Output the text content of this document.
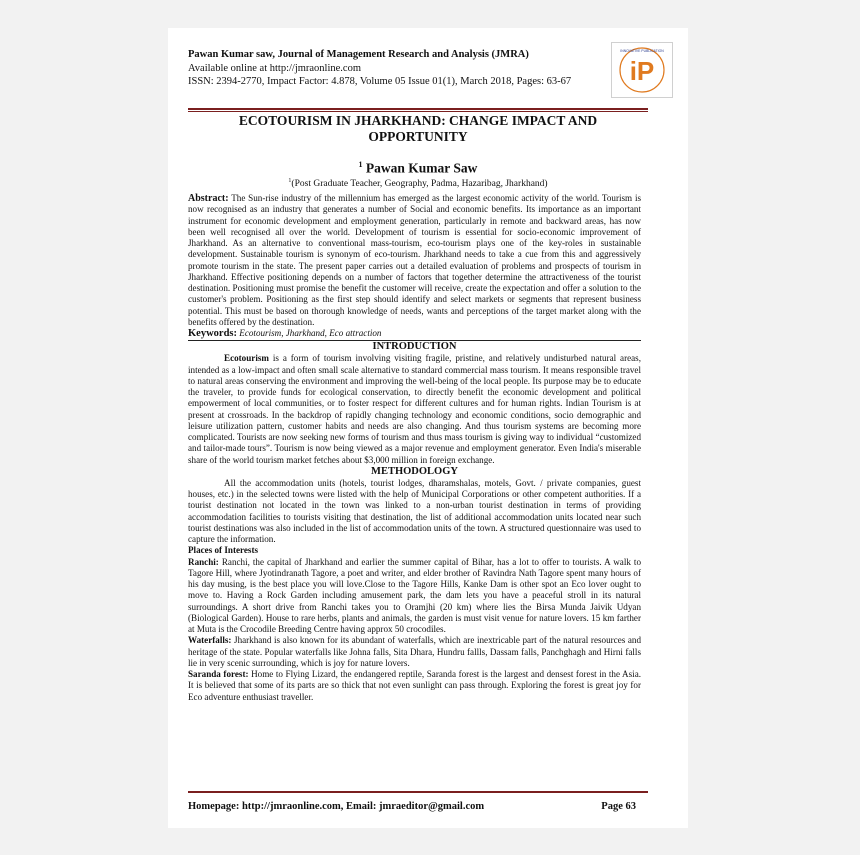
Pawan Kumar saw, Journal of Management Research and Analysis (JMRA)
Available online at http://jmraonline.com
ISSN: 2394-2770, Impact Factor: 4.878, Volume 05 Issue 01(1), March 2018, Pages: 63-67	iP
INNOVATIVE PUBLICATION
ECOTOURISM IN JHARKHAND: CHANGE IMPACT AND
OPPORTUNITY
$^1$ Pawan Kumar Saw
$^1$(Post Graduate Teacher, Geography, Padma, Hazaribag, Jharkhand)

Abstract: The Sun-rise industry of the millennium has emerged as the largest economic activity of the world. Tourism is now recognised as an industry that generates a number of Social and economic benefits. Its importance as an important instrument for economic development and employment generation, particularly in remote and backward areas, has now been well recognised all over the world. Development of tourism is essential for socio-economic improvement of Jharkhand. As an alternative to conventional mass-tourism, eco-tourism plays one of the key-roles in sustainable development. Sustainable tourism is synonym of eco-tourism. Jharkhand needs to take a cue from this and aggressively promote tourism in the state. The present paper carries out a detailed evaluation of problems and prospects of tourism in Jharkhand. Effective positioning depends on a number of factors that together determine the attractiveness of the tourist destination. Positioning must promise the benefit the customer will receive, create the expectation and offer a solution to the customer's problem. Positioning as the first step should identify and select markets or segments that represent business potential. This must be based on thorough knowledge of needs, wants and perceptions of the target market along with the benefits offered by the destination.

Keywords: Ecotourism, Jharkhand, Eco attraction

INTRODUCTION

Ecotourism is a form of tourism involving visiting fragile, pristine, and relatively undisturbed natural areas, intended as a low-impact and often small scale alternative to standard commercial mass tourism. It means responsible travel to natural areas conserving the environment and improving the well-being of the local people. Its purpose may be to educate the traveler, to provide funds for ecological conservation, to directly benefit the economic development and political empowerment of local communities, or to foster respect for different cultures and for human rights. Indian Tourism is at present at crossroads. In the backdrop of rapidly changing technology and economic conditions, socio demographic and leisure utilization pattern, customer habits and needs are also changing. And thus tourism systems are becoming more complicated. Tourists are now seeking new forms of tourism and thus mass tourism is giving way to individual “customized and tailor-made tours”. Tourism is now being viewed as a major revenue and employment generator. Even India's miserable share of the world tourism market fetches about $3,000 million in foreign exchange.

METHODOLOGY

All the accommodation units (hotels, tourist lodges, dharamshalas, motels, Govt. / private companies, guest houses, etc.) in the selected towns were listed with the help of Municipal Corporations or other competent authorities. If a tourist destination not located in the town was linked to a non-urban tourist destination in terms of providing accommodation facilities to tourists visiting that destination, the list of additional accommodation units located near such tourist destinations was also included in the list of accommodation units of the town. A structured questionnaire was used to capture the information.

Places of Interests

Ranchi: Ranchi, the capital of Jharkhand and earlier the summer capital of Bihar, has a lot to offer to tourists. A walk to Tagore Hill, where Jyotindranath Tagore, a poet and writer, and elder brother of Ravindra Nath Tagore spent many hours of his day musing, is the best place you will love.Close to the Tagore Hills, Kanke Dam is other spot an Eco lover ought to move to. Having a Rock Garden including amusement park, the dam lets you have a peaceful stroll in its natural surroundings. A short drive from Ranchi takes you to Oramjhi (20 km) where lies the Birsa Munda Jaivik Udyan (Biological Garden). House to rare herbs, plants and animals, the garden is must visit venue for nature lovers. 15 km farther at Muta is the Crocodile Breeding Centre having approx 50 crocodiles.

Waterfalls: Jharkhand is also known for its abundant of waterfalls, which are inextricable part of the natural resources and heritage of the state. Popular waterfalls like Johna falls, Sita Dhara, Hundru fallls, Dassam falls, Panchghagh and Hirni falls lie in very scenic surrounding, which is joy for nature lovers.

Saranda forest: Home to Flying Lizard, the endangered reptile, Saranda forest is the largest and densest forest in the Asia. It is believed that some of its parts are so thick that not even sunlight can pass through. Exploring the forest is great joy for Eco adventure enthusiast traveller.

Homepage: http://jmraonline.com, Email: jmraeditor@gmail.com	Page 63
